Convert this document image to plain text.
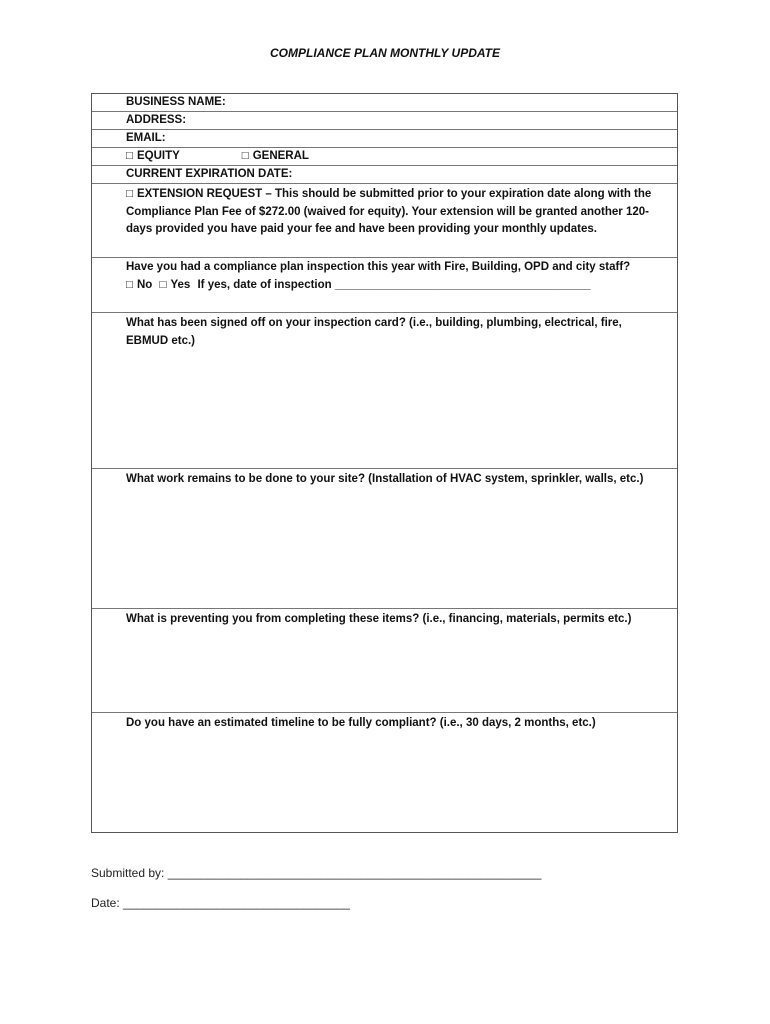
COMPLIANCE PLAN MONTHLY UPDATE
BUSINESS NAME:
ADDRESS:
EMAIL:
□ EQUITY	□ GENERAL
CURRENT EXPIRATION DATE:
□ EXTENSION REQUEST – This should be submitted prior to your expiration date along with the Compliance Plan Fee of $272.00 (waived for equity). Your extension will be granted another 120-days provided you have paid your fee and have been providing your monthly updates.
Have you had a compliance plan inspection this year with Fire, Building, OPD and city staff?
□ No □ Yes If yes, date of inspection ________________________________________
What has been signed off on your inspection card? (i.e., building, plumbing, electrical, fire, EBMUD etc.)
What work remains to be done to your site? (Installation of HVAC system, sprinkler, walls, etc.)
What is preventing you from completing these items? (i.e., financing, materials, permits etc.)
Do you have an estimated timeline to be fully compliant? (i.e., 30 days, 2 months, etc.)
Submitted by: ________________________________________________________
Date: __________________________________
